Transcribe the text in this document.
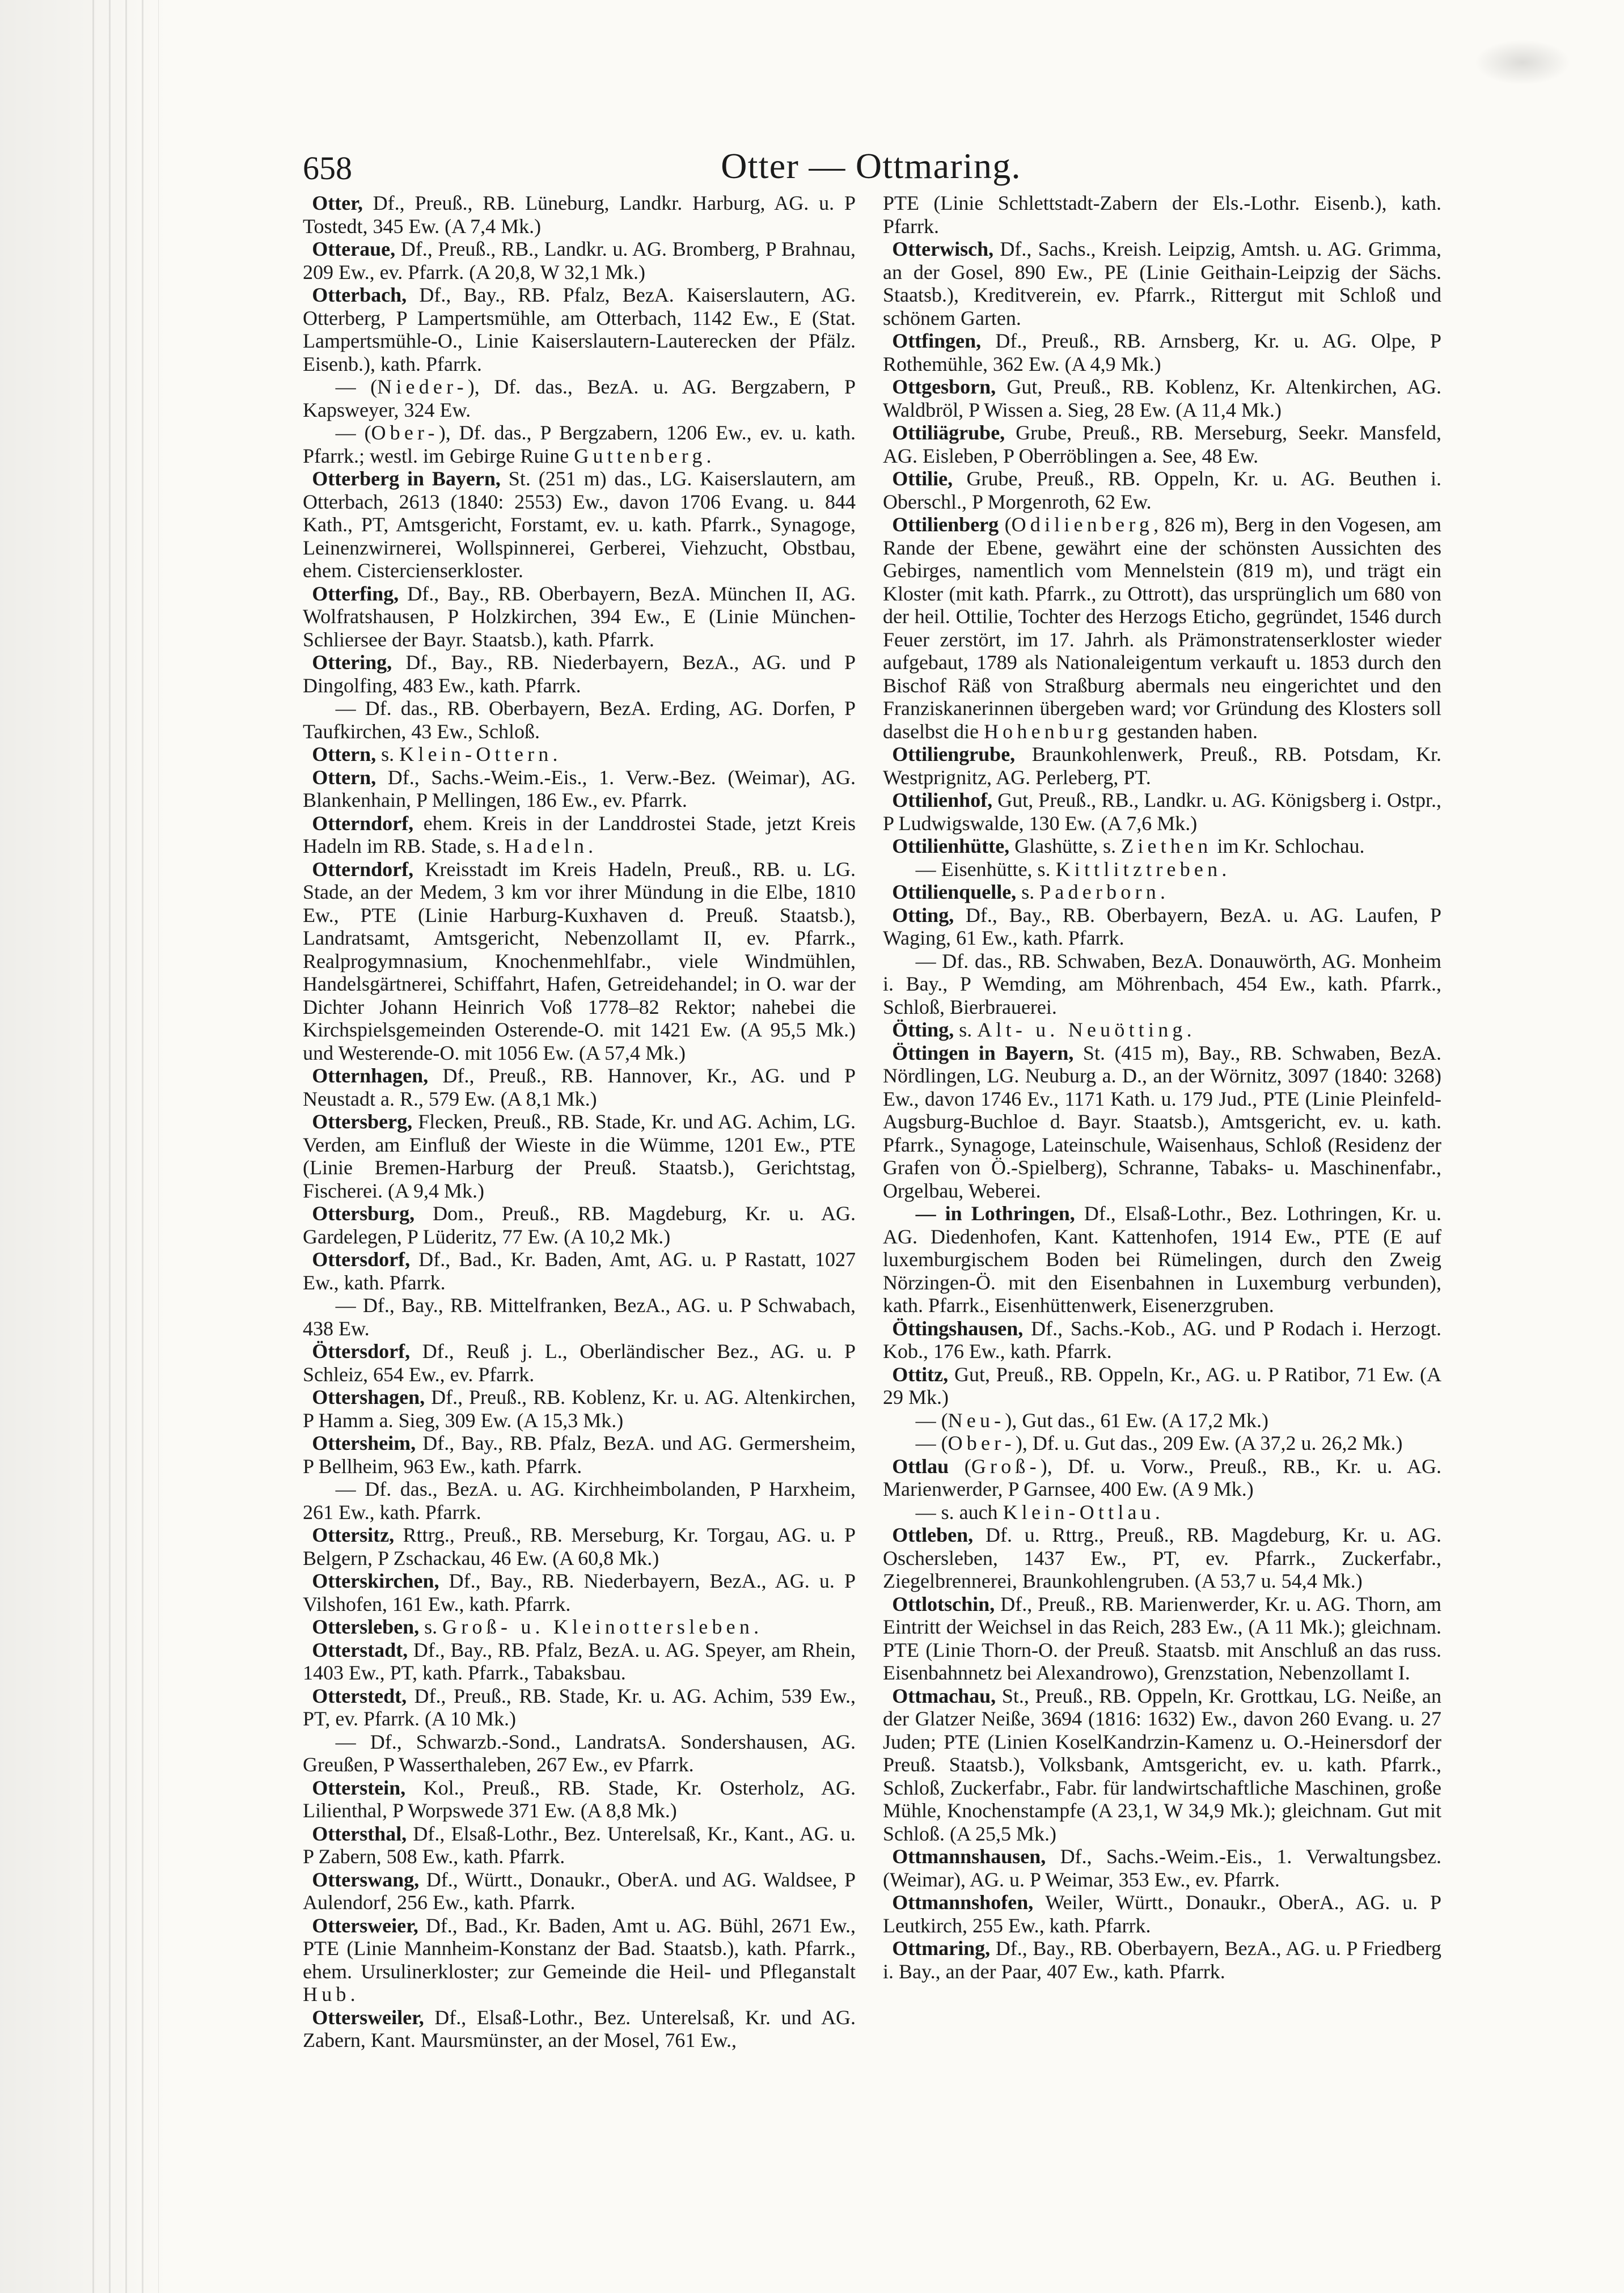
658	Otter — Ottmaring.

Otter, Df., Preuß., RB. Lüneburg, Landkr. Harburg, AG. u. P Tostedt, 345 Ew. (A 7,4 Mk.)

Otteraue, Df., Preuß., RB., Landkr. u. AG. Bromberg, P Brahnau, 209 Ew., ev. Pfarrk. (A 20,8, W 32,1 Mk.)

Otterbach, Df., Bay., RB. Pfalz, BezA. Kaiserslautern, AG. Otterberg, P Lampertsmühle, am Otterbach, 1142 Ew., E (Stat. Lampertsmühle-O., Linie Kaiserslautern-Lauterecken der Pfälz. Eisenb.), kath. Pfarrk.

— (Nieder-), Df. das., BezA. u. AG. Bergzabern, P Kapsweyer, 324 Ew.

— (Ober-), Df. das., P Bergzabern, 1206 Ew., ev. u. kath. Pfarrk.; westl. im Gebirge Ruine Guttenberg.

Otterberg in Bayern, St. (251 m) das., LG. Kaiserslautern, am Otterbach, 2613 (1840: 2553) Ew., davon 1706 Evang. u. 844 Kath., PT, Amtsgericht, Forstamt, ev. u. kath. Pfarrk., Synagoge, Leinenzwirnerei, Wollspinnerei, Gerberei, Viehzucht, Obstbau, ehem. Cistercienserkloster.

Otterfing, Df., Bay., RB. Oberbayern, BezA. München II, AG. Wolfratshausen, P Holzkirchen, 394 Ew., E (Linie München-Schliersee der Bayr. Staatsb.), kath. Pfarrk.

Ottering, Df., Bay., RB. Niederbayern, BezA., AG. und P Dingolfing, 483 Ew., kath. Pfarrk.

— Df. das., RB. Oberbayern, BezA. Erding, AG. Dorfen, P Taufkirchen, 43 Ew., Schloß.

Ottern, s. Klein-Ottern.

Ottern, Df., Sachs.-Weim.-Eis., 1. Verw.-Bez. (Weimar), AG. Blankenhain, P Mellingen, 186 Ew., ev. Pfarrk.

Otterndorf, ehem. Kreis in der Landdrostei Stade, jetzt Kreis Hadeln im RB. Stade, s. Hadeln.

Otterndorf, Kreisstadt im Kreis Hadeln, Preuß., RB. u. LG. Stade, an der Medem, 3 km vor ihrer Mündung in die Elbe, 1810 Ew., PTE (Linie Harburg-Kuxhaven d. Preuß. Staatsb.), Landratsamt, Amtsgericht, Nebenzollamt II, ev. Pfarrk., Realprogymnasium, Knochenmehlfabr., viele Windmühlen, Handelsgärtnerei, Schiffahrt, Hafen, Getreidehandel; in O. war der Dichter Johann Heinrich Voß 1778–82 Rektor; nahebei die Kirchspielsgemeinden Osterende-O. mit 1421 Ew. (A 95,5 Mk.) und Westerende-O. mit 1056 Ew. (A 57,4 Mk.)

Otternhagen, Df., Preuß., RB. Hannover, Kr., AG. und P Neustadt a. R., 579 Ew. (A 8,1 Mk.)

Ottersberg, Flecken, Preuß., RB. Stade, Kr. und AG. Achim, LG. Verden, am Einfluß der Wieste in die Wümme, 1201 Ew., PTE (Linie Bremen-Harburg der Preuß. Staatsb.), Gerichtstag, Fischerei. (A 9,4 Mk.)

Ottersburg, Dom., Preuß., RB. Magdeburg, Kr. u. AG. Gardelegen, P Lüderitz, 77 Ew. (A 10,2 Mk.)

Ottersdorf, Df., Bad., Kr. Baden, Amt, AG. u. P Rastatt, 1027 Ew., kath. Pfarrk.

— Df., Bay., RB. Mittelfranken, BezA., AG. u. P Schwabach, 438 Ew.

Öttersdorf, Df., Reuß j. L., Oberländischer Bez., AG. u. P Schleiz, 654 Ew., ev. Pfarrk.

Ottershagen, Df., Preuß., RB. Koblenz, Kr. u. AG. Altenkirchen, P Hamm a. Sieg, 309 Ew. (A 15,3 Mk.)

Ottersheim, Df., Bay., RB. Pfalz, BezA. und AG. Germersheim, P Bellheim, 963 Ew., kath. Pfarrk.

— Df. das., BezA. u. AG. Kirchheimbolanden, P Harxheim, 261 Ew., kath. Pfarrk.

Ottersitz, Rttrg., Preuß., RB. Merseburg, Kr. Torgau, AG. u. P Belgern, P Zschackau, 46 Ew. (A 60,8 Mk.)

Otterskirchen, Df., Bay., RB. Niederbayern, BezA., AG. u. P Vilshofen, 161 Ew., kath. Pfarrk.

Ottersleben, s. Groß- u. Kleinottersleben.

Otterstadt, Df., Bay., RB. Pfalz, BezA. u. AG. Speyer, am Rhein, 1403 Ew., PT, kath. Pfarrk., Tabaksbau.

Otterstedt, Df., Preuß., RB. Stade, Kr. u. AG. Achim, 539 Ew., PT, ev. Pfarrk. (A 10 Mk.)

— Df., Schwarzb.-Sond., LandratsA. Sondershausen, AG. Greußen, P Wasserthaleben, 267 Ew., ev Pfarrk.

Otterstein, Kol., Preuß., RB. Stade, Kr. Osterholz, AG. Lilienthal, P Worpswede 371 Ew. (A 8,8 Mk.)

Ottersthal, Df., Elsaß-Lothr., Bez. Unterelsaß, Kr., Kant., AG. u. P Zabern, 508 Ew., kath. Pfarrk.

Otterswang, Df., Württ., Donaukr., OberA. und AG. Waldsee, P Aulendorf, 256 Ew., kath. Pfarrk.

Ottersweier, Df., Bad., Kr. Baden, Amt u. AG. Bühl, 2671 Ew., PTE (Linie Mannheim-Konstanz der Bad. Staatsb.), kath. Pfarrk., ehem. Ursulinerkloster; zur Gemeinde die Heil- und Pfleganstalt Hub.

Ottersweiler, Df., Elsaß-Lothr., Bez. Unterelsaß, Kr. und AG. Zabern, Kant. Maursmünster, an der Mosel, 761 Ew.,

PTE (Linie Schlettstadt-Zabern der Els.-Lothr. Eisenb.), kath. Pfarrk.

Otterwisch, Df., Sachs., Kreish. Leipzig, Amtsh. u. AG. Grimma, an der Gosel, 890 Ew., PE (Linie Geithain-Leipzig der Sächs. Staatsb.), Kreditverein, ev. Pfarrk., Rittergut mit Schloß und schönem Garten.

Ottfingen, Df., Preuß., RB. Arnsberg, Kr. u. AG. Olpe, P Rothemühle, 362 Ew. (A 4,9 Mk.)

Ottgesborn, Gut, Preuß., RB. Koblenz, Kr. Altenkirchen, AG. Waldbröl, P Wissen a. Sieg, 28 Ew. (A 11,4 Mk.)

Ottiliägrube, Grube, Preuß., RB. Merseburg, Seekr. Mansfeld, AG. Eisleben, P Oberröblingen a. See, 48 Ew.

Ottilie, Grube, Preuß., RB. Oppeln, Kr. u. AG. Beuthen i. Oberschl., P Morgenroth, 62 Ew.

Ottilienberg (Odilienberg, 826 m), Berg in den Vogesen, am Rande der Ebene, gewährt eine der schönsten Aussichten des Gebirges, namentlich vom Mennelstein (819 m), und trägt ein Kloster (mit kath. Pfarrk., zu Ottrott), das ursprünglich um 680 von der heil. Ottilie, Tochter des Herzogs Eticho, gegründet, 1546 durch Feuer zerstört, im 17. Jahrh. als Prämonstratenserkloster wieder aufgebaut, 1789 als Nationaleigentum verkauft u. 1853 durch den Bischof Räß von Straßburg abermals neu eingerichtet und den Franziskanerinnen übergeben ward; vor Gründung des Klosters soll daselbst die Hohenburg gestanden haben.

Ottiliengrube, Braunkohlenwerk, Preuß., RB. Potsdam, Kr. Westprignitz, AG. Perleberg, PT.

Ottilienhof, Gut, Preuß., RB., Landkr. u. AG. Königsberg i. Ostpr., P Ludwigswalde, 130 Ew. (A 7,6 Mk.)

Ottilienhütte, Glashütte, s. Ziethen im Kr. Schlochau.

— Eisenhütte, s. Kittlitztreben.

Ottilienquelle, s. Paderborn.

Otting, Df., Bay., RB. Oberbayern, BezA. u. AG. Laufen, P Waging, 61 Ew., kath. Pfarrk.

— Df. das., RB. Schwaben, BezA. Donauwörth, AG. Monheim i. Bay., P Wemding, am Möhrenbach, 454 Ew., kath. Pfarrk., Schloß, Bierbrauerei.

Ötting, s. Alt- u. Neuötting.

Öttingen in Bayern, St. (415 m), Bay., RB. Schwaben, BezA. Nördlingen, LG. Neuburg a. D., an der Wörnitz, 3097 (1840: 3268) Ew., davon 1746 Ev., 1171 Kath. u. 179 Jud., PTE (Linie Pleinfeld-Augsburg-Buchloe d. Bayr. Staatsb.), Amtsgericht, ev. u. kath. Pfarrk., Synagoge, Lateinschule, Waisenhaus, Schloß (Residenz der Grafen von Ö.-Spielberg), Schranne, Tabaks- u. Maschinenfabr., Orgelbau, Weberei.

— in Lothringen, Df., Elsaß-Lothr., Bez. Lothringen, Kr. u. AG. Diedenhofen, Kant. Kattenhofen, 1914 Ew., PTE (E auf luxemburgischem Boden bei Rümelingen, durch den Zweig Nörzingen-Ö. mit den Eisenbahnen in Luxemburg verbunden), kath. Pfarrk., Eisenhüttenwerk, Eisenerzgruben.

Öttingshausen, Df., Sachs.-Kob., AG. und P Rodach i. Herzogt. Kob., 176 Ew., kath. Pfarrk.

Ottitz, Gut, Preuß., RB. Oppeln, Kr., AG. u. P Ratibor, 71 Ew. (A 29 Mk.)

— (Neu-), Gut das., 61 Ew. (A 17,2 Mk.)

— (Ober-), Df. u. Gut das., 209 Ew. (A 37,2 u. 26,2 Mk.)

Ottlau (Groß-), Df. u. Vorw., Preuß., RB., Kr. u. AG. Marienwerder, P Garnsee, 400 Ew. (A 9 Mk.)

— s. auch Klein-Ottlau.

Ottleben, Df. u. Rttrg., Preuß., RB. Magdeburg, Kr. u. AG. Oschersleben, 1437 Ew., PT, ev. Pfarrk., Zuckerfabr., Ziegelbrennerei, Braunkohlengruben. (A 53,7 u. 54,4 Mk.)

Ottlotschin, Df., Preuß., RB. Marienwerder, Kr. u. AG. Thorn, am Eintritt der Weichsel in das Reich, 283 Ew., (A 11 Mk.); gleichnam. PTE (Linie Thorn-O. der Preuß. Staatsb. mit Anschluß an das russ. Eisenbahnnetz bei Alexandrowo), Grenzstation, Nebenzollamt I.

Ottmachau, St., Preuß., RB. Oppeln, Kr. Grottkau, LG. Neiße, an der Glatzer Neiße, 3694 (1816: 1632) Ew., davon 260 Evang. u. 27 Juden; PTE (Linien KoselKandrzin-Kamenz u. O.-Heinersdorf der Preuß. Staatsb.), Volksbank, Amtsgericht, ev. u. kath. Pfarrk., Schloß, Zuckerfabr., Fabr. für landwirtschaftliche Maschinen, große Mühle, Knochenstampfe (A 23,1, W 34,9 Mk.); gleichnam. Gut mit Schloß. (A 25,5 Mk.)

Ottmannshausen, Df., Sachs.-Weim.-Eis., 1. Verwaltungsbez. (Weimar), AG. u. P Weimar, 353 Ew., ev. Pfarrk.

Ottmannshofen, Weiler, Württ., Donaukr., OberA., AG. u. P Leutkirch, 255 Ew., kath. Pfarrk.

Ottmaring, Df., Bay., RB. Oberbayern, BezA., AG. u. P Friedberg i. Bay., an der Paar, 407 Ew., kath. Pfarrk.
